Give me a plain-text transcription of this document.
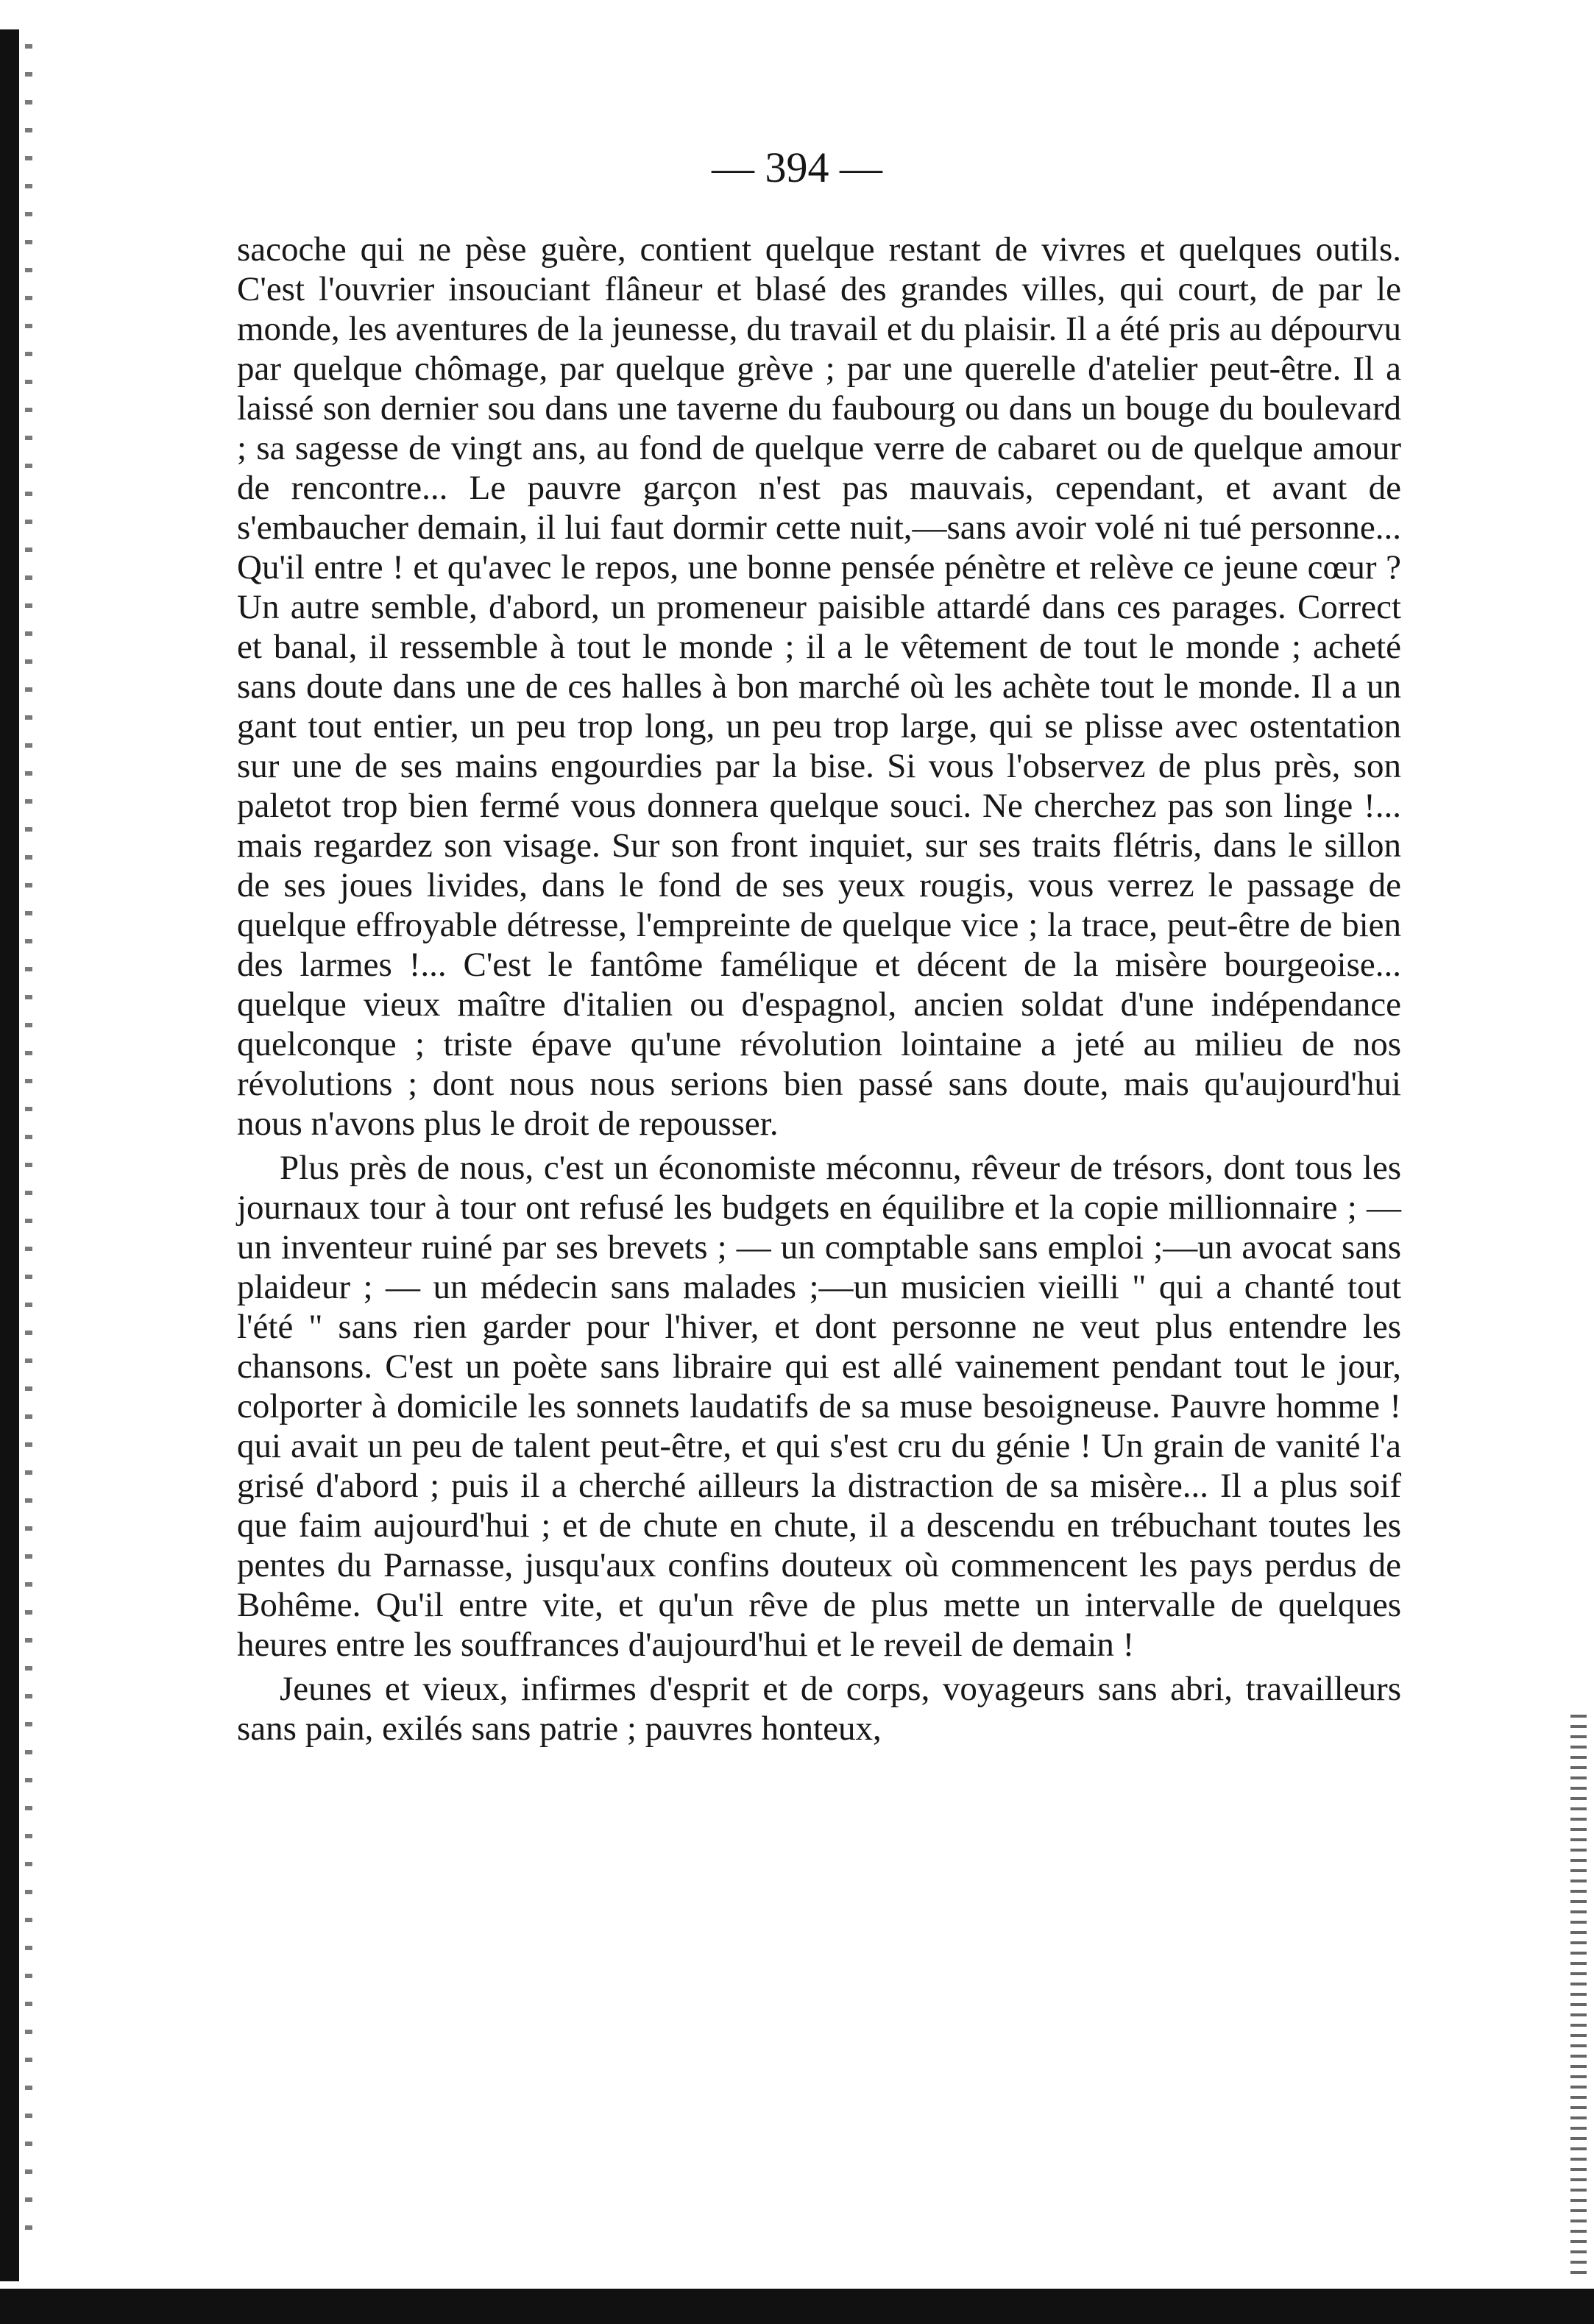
— 394 —

sacoche qui ne pèse guère, contient quelque restant de vivres et quelques outils. C'est l'ouvrier insouciant flâneur et blasé des grandes villes, qui court, de par le monde, les aventures de la jeunesse, du travail et du plaisir. Il a été pris au dépourvu par quelque chômage, par quelque grève ; par une querelle d'atelier peut-être. Il a laissé son dernier sou dans une taverne du faubourg ou dans un bouge du boulevard ; sa sagesse de vingt ans, au fond de quelque verre de cabaret ou de quelque amour de rencontre... Le pauvre garçon n'est pas mauvais, cependant, et avant de s'embaucher demain, il lui faut dormir cette nuit,—sans avoir volé ni tué personne... Qu'il entre ! et qu'avec le repos, une bonne pensée pénètre et relève ce jeune cœur ? Un autre semble, d'abord, un promeneur paisible attardé dans ces parages. Correct et banal, il ressemble à tout le monde ; il a le vêtement de tout le monde ; acheté sans doute dans une de ces halles à bon marché où les achète tout le monde. Il a un gant tout entier, un peu trop long, un peu trop large, qui se plisse avec ostentation sur une de ses mains engourdies par la bise. Si vous l'observez de plus près, son paletot trop bien fermé vous donnera quelque souci. Ne cherchez pas son linge !... mais regardez son visage. Sur son front inquiet, sur ses traits flétris, dans le sillon de ses joues livides, dans le fond de ses yeux rougis, vous verrez le passage de quelque effroyable détresse, l'empreinte de quelque vice ; la trace, peut-être de bien des larmes !... C'est le fantôme famélique et décent de la misère bourgeoise... quelque vieux maître d'italien ou d'espagnol, ancien soldat d'une indépendance quelconque ; triste épave qu'une révolution lointaine a jeté au milieu de nos révolutions ; dont nous nous serions bien passé sans doute, mais qu'aujourd'hui nous n'avons plus le droit de repousser.

Plus près de nous, c'est un économiste méconnu, rêveur de trésors, dont tous les journaux tour à tour ont refusé les budgets en équilibre et la copie millionnaire ; — un inventeur ruiné par ses brevets ; — un comptable sans emploi ;—un avocat sans plaideur ; — un médecin sans malades ;—un musicien vieilli " qui a chanté tout l'été " sans rien garder pour l'hiver, et dont personne ne veut plus entendre les chansons. C'est un poète sans libraire qui est allé vainement pendant tout le jour, colporter à domicile les sonnets laudatifs de sa muse besoigneuse. Pauvre homme ! qui avait un peu de talent peut-être, et qui s'est cru du génie ! Un grain de vanité l'a grisé d'abord ; puis il a cherché ailleurs la distraction de sa misère... Il a plus soif que faim aujourd'hui ; et de chute en chute, il a descendu en trébuchant toutes les pentes du Parnasse, jusqu'aux confins douteux où commencent les pays perdus de Bohême. Qu'il entre vite, et qu'un rêve de plus mette un intervalle de quelques heures entre les souffrances d'aujourd'hui et le reveil de demain !

Jeunes et vieux, infirmes d'esprit et de corps, voyageurs sans abri, travailleurs sans pain, exilés sans patrie ; pauvres honteux,
